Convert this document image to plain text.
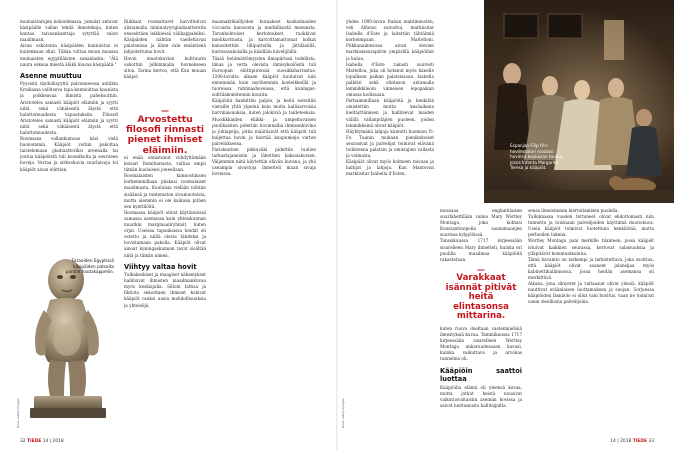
muinaistarujen kokoelmassa, jumalat antavat käsipäälle vallan tehdä ihmetekoja, kuten kantaa taivaankanttaja sytyttää valon maailmaan.

Aivan uskotonta käsipäiden kunnioitus ei kuitenkaan ollut. Tähän viittaa muun muassa muinaisten egyptiläisten sananlasku: "Älä naura sokeaa miestä äläkä kiusaa käsipäätä."

Asenne muuttuu

Pyysistä täydellisyyttä palvonneessa antiikin Kreikassa vallitseva tapa kunnioittaa kaunista ja poikkeavaa ihmistä paheksuttiin. Aristoteles samasti kääpiöt eläimiin ja syytti niitä sekä vähäisestä älystä että haluttomuudesta vapautuksiin. Filosofi Aristoteles samasti kääpiöt eläimiin ja syytti niitä sekä vähäisestä älystä että haluttomuudesta.

Roomassa vallankumous kävi vielä huonommin. Kääpiöt voitiin pakottaa taistelemaan gladiaattoriksi areenalla tai joutua kääpiöistä tuli koomikoita ja seurueen hoveja. Vertaa ja sirkushuvia suurlaivoja toi kääpiöt aivan eliittien.

Faraoiden Egyptissä käsipäiden patsaita pantiin hautakappeliin.

Riikkaat roomattaret harvittelivat alistamalla mininatyyrigladiaattoreita ensesittäen leikkiessä välikappaleiksi. Käsipäiden nähtiin vaellettavan palatseissa ja lilien vain emäntienä lahjoitettuina hovit.

Hovin muotokuvien kulttuurin uskottiin julkimmalla hovnekseen sitoa. Tarina kertoo, että Kun muuan kääpiö

—
Arvostettu filosofi rinnasti pienet ihmiset eläimiin.

ei enää onnistunut viihdyttämään keisari Domitianusta, valtias empii tämän kuolaisesi joneellaan.

Roomalaisten kiinnostuksen korkeimmillaan piiskasi roomalaiset maailmasta. Kuuluisia vielään nähtiin sisäänsä ja tuntematon sivumuotoista, mutta aiemmin ei ole kaikissa pitäen sen kynttilöitä.

Roomassa kääpiöt olivat käytännössä samassa asemassa kuin yhteiskunnan muutkin marginaaliryhmät, kuten orjat. Useissa tapauksissa heidät oli ostettu ja niillä olevia tähdeksi ja hovistamaan pakolla. Kääpiöt olivat ainoat kuningaskunnan tavat sisältää niitä ja tämän nimeä.

Viihtyy valtaa hovit

Tulkakeskiset ja maagiset näkemykset hallitsivat ihmisten maailmankuvaa myös keskiajalla. Silloin fattisa ja fiktiota sekoittaen ihmiset kokivat kääpiöt osaksi uusia mahdollisuuksia ja yhteisöjä.

maamaktikaillyiden kuraakset kauksimaiden viccaista kansoista ja merkillisistä mesunsta. Tarunhohtoiset kertomukset ruokkivat mielikuvitusta, ja kartoittamattomat kolkat kansoitettiin lilliputteilla ja jättiläisillä, kuriosasukoisilla ja käsilläin kävelijöillä.

Tässä tietämättömyyden ilmapiirissä todellista, ilmaa ja verta olevista ihmisyksilöistä tuli Euroopan eliittipiireissä suosikkiharrastus. 1200-luvulta alkaen kääpiöt kuuluivat niin ennemmän kuin myöhemmin koeleikkeillä ja tuoreissa ruhtinashoveissa, että kuningas-sulttilakomitennin kouriin.

Kääpiöitä hankittiin paljon, ja heitä esiteltiin vieraille yhtä ylpeinä kuin muita kallisarvoisia harvinaisuuksia, kuten jalokiviä ja taideteoksia. Muodikkaiden eliikki- ja umpeltuvaisen puolikaisten pidettiin hovinnallia ihmisenkuvina ja juhlapeija, jotka määräsivät että kääpiöt tuli kuljettaa hovin ja kiertää kaupunkeja varten palveluksessa.

Pariskuntien pikkuväki pidettiin tuulien tarkastajaneisiin ja lähettien kaksoiskuvien. Väljemmin niitä käytettiin elävän kuvana, ja yhä useampia sivustoja ihmetteli maan sivuja hoveissa.

32 TIEDE 14 | 2018
Kuva: Getty Images
Espanjan Filip IV:n hoviimaalari maalasi hovinsa kuuluisan taulun, jossa Infanta Margarita Teresa ja kääpiöt.

yhden 1000-luvun Italian mahtimiesten, veli Alfonso suivattui, markiisitar Isabella d'Este ja laitettiin tähtäimiä korkeimpaan. Mattelloni. Piikkunaimesissa aivan olevien markiisiseurapiirin ympärillä kääpiöihin ja kuluu.

Isabella d'Este rakasti suuresti Mattelloa, joka oli hotanut myös hänelle lopullisen paikan palatsissaan. Isabella palkitsi sekä elintason antamalla lemmikkileoni viimeisen lepopaikan omassa kodissaan.

Parhaimmillaan kääpiöitä ja henkilöä omistettiin mutta kesäaikana kieltäyttämisen ja hallitsevat maiden välillä vallanpitäjien puoleen, joiden lemmikkeinä olivat kääpiöt.

Häyhtymänä lahjoja kiinnitti huomion Yi-Fu Tuanin mukaan pienikokoiset seurasivat ja palvelijat toimivat elävänä todisteena palatsin ja omistajien vallasta ja voimasta.

Käsipäät olivat myös kolmeen taivaan ja haltijat ja lahjoja. Kun Mantovan markiisitar Isabella d'Esten,

mussaaa englantilaisen suurlähettilään vaimo Mary Wortley Montagu, joka kohtasi Konstantinopolin saunamaanjen suurissa kylpylöissä.

Tanssikuussa 1717 kirjeessään sisarelleen Mary ihmetteli, kuinka eri puolilla maailmaa kääpiöitä rakastetaan.

—
Varakkaat isännät pitivät heitä elintasonsa mittarina.

kuten ruova itseltaan vastenmielisiä ilmestyksiä kuvaa. Tammikuussa 1717 kirjeessään sisarelleen Wortley Montagu ankaruudessaan kuvasi, kuinka vaikuttava ja arvokas tunnelma oli.

Kääpiöin saattoi luottaa

Kääpiöilla elämä oli yleensä kovaa, mutta jotkut heistä nousivat vaikutusvaltaisiin asemiin hovissa ja saivat luottamusta hallitsijoilta.

sensa ilmeisimmin kiertoitamisen puolella.

Tulkinnassa vuoden tottuneet olivat ehdottomasti niin tunnettu ja toisinaan palvelijoiden käyttämä muotokuva. Usein kääpiöt toimivat luotettuna henkilöinä, mutta perheiden tukena.

Wortley Montagu pani merkille tilanteen, jossa kääpiöt istuivat kaikkien seurassa, kertovat salaisuuksia ja ylläpitävät kommunikointia.

Tämä havainto on tarkempi ja tarkistettava, joka osoittaa, että kääpiöt olivat saaneet jalansijaa myös kabinettihallinnossa, jossa heidän asemansa oli merkittävä.

Aikana, jona sikiyeret ja valtaasiat olivat yleisiä, kääpiöt nauttivat eräänlaisen luottamuksen ja suojan. Sorjuessa kääpiöiden läsnäolo ei ollut vain huvitus, vaan ne toimivat usein oleellisina palvelijoina.

Kuva: Getty Images
14 | 2018 TIEDE 33
